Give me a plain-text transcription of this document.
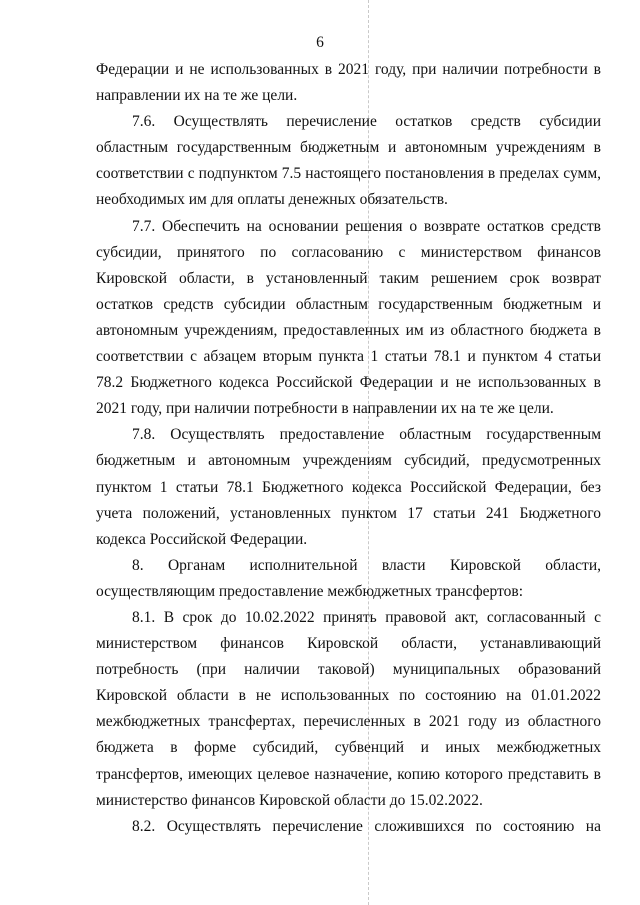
6

Федерации и не использованных в 2021 году, при наличии потребности в направлении их на те же цели.

7.6. Осуществлять перечисление остатков средств субсидии областным государственным бюджетным и автономным учреждениям в соответствии с подпунктом 7.5 настоящего постановления в пределах сумм, необходимых им для оплаты денежных обязательств.

7.7. Обеспечить на основании решения о возврате остатков средств субсидии, принятого по согласованию с министерством финансов Кировской области, в установленный таким решением срок возврат остатков средств субсидии областным государственным бюджетным и автономным учреждениям, предоставленных им из областного бюджета в соответствии с абзацем вторым пункта 1 статьи 78.1 и пунктом 4 статьи 78.2 Бюджетного кодекса Российской Федерации и не использованных в 2021 году, при наличии потребности в направлении их на те же цели.

7.8. Осуществлять предоставление областным государственным бюджетным и автономным учреждениям субсидий, предусмотренных пунктом 1 статьи 78.1 Бюджетного кодекса Российской Федерации, без учета положений, установленных пунктом 17 статьи 241 Бюджетного кодекса Российской Федерации.

8. Органам исполнительной власти Кировской области, осуществляющим предоставление межбюджетных трансфертов:

8.1. В срок до 10.02.2022 принять правовой акт, согласованный с министерством финансов Кировской области, устанавливающий потребность (при наличии таковой) муниципальных образований Кировской области в не использованных по состоянию на 01.01.2022 межбюджетных трансфертах, перечисленных в 2021 году из областного бюджета в форме субсидий, субвенций и иных межбюджетных трансфертов, имеющих целевое назначение, копию которого представить в министерство финансов Кировской области до 15.02.2022.

8.2. Осуществлять перечисление сложившихся по состоянию на
